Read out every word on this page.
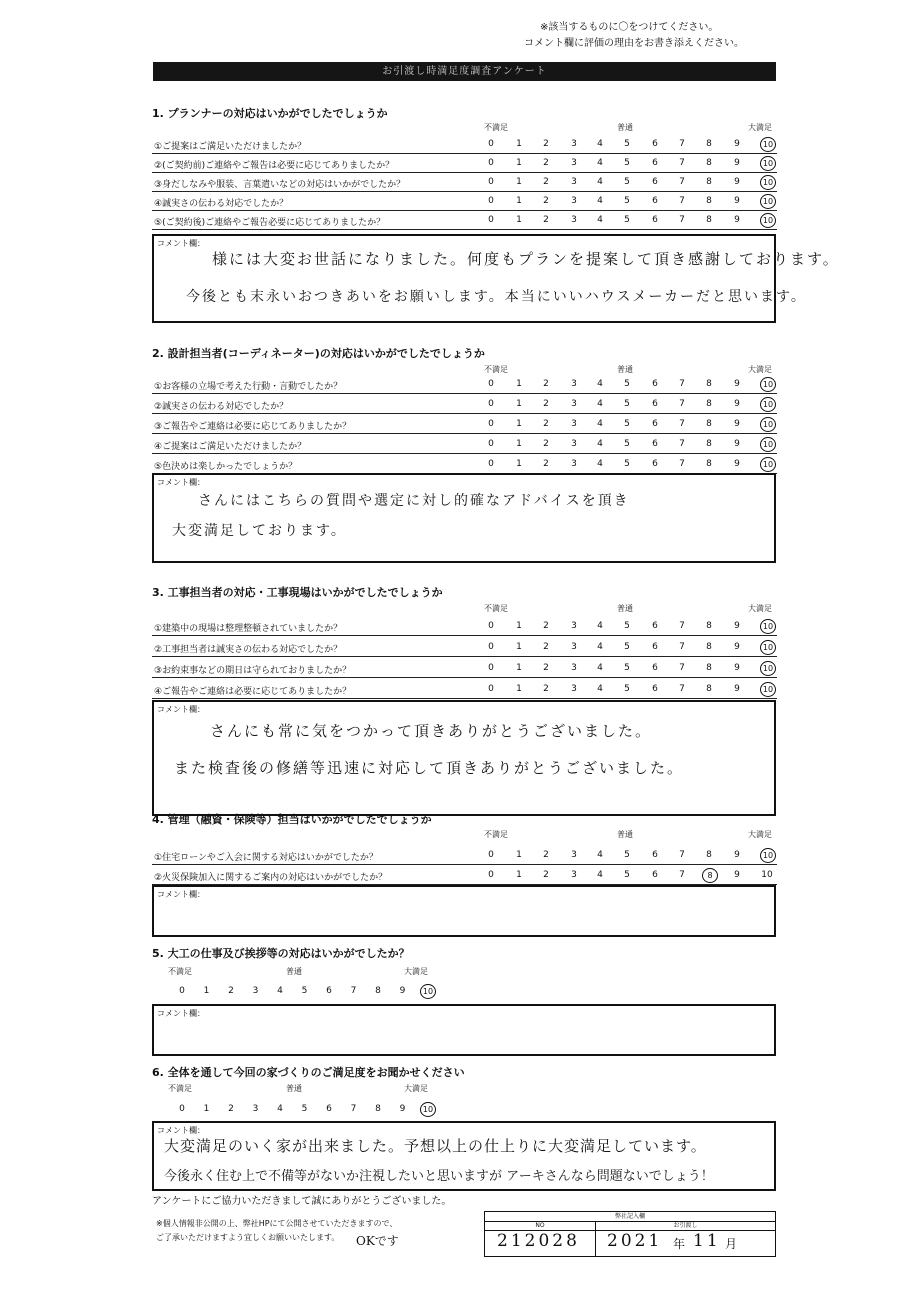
※該当するものに〇をつけてください。
コメント欄に評価の理由をお書き添えください。
お引渡し時満足度調査アンケート
1. プランナーの対応はいかがでしたでしょうか
不満足	普通	大満足
①ご提案はご満足いただけましたか？	0	1	2	3	4	5	6	7	8	9	10
②(ご契約前)ご連絡やご報告は必要に応じてありましたか？	0	1	2	3	4	5	6	7	8	9	10
③身だしなみや服装、言葉遣いなどの対応はいかがでしたか？	0	1	2	3	4	5	6	7	8	9	10
④誠実さの伝わる対応でしたか？	0	1	2	3	4	5	6	7	8	9	10
⑤(ご契約後)ご連絡やご報告必要に応じてありましたか？	0	1	2	3	4	5	6	7	8	9	10
コメント欄：
様には大変お世話になりました。何度もプランを提案して頂き感謝しております。
今後とも末永いおつきあいをお願いします。本当にいいハウスメーカーだと思います。
2. 設計担当者(コーディネーター)の対応はいかがでしたでしょうか
不満足	普通	大満足
①お客様の立場で考えた行動・言動でしたか？	0	1	2	3	4	5	6	7	8	9	10
②誠実さの伝わる対応でしたか？	0	1	2	3	4	5	6	7	8	9	10
③ご報告やご連絡は必要に応じてありましたか？	0	1	2	3	4	5	6	7	8	9	10
④ご提案はご満足いただけましたか？	0	1	2	3	4	5	6	7	8	9	10
⑤色決めは楽しかったでしょうか？	0	1	2	3	4	5	6	7	8	9	10
コメント欄：
さんにはこちらの質問や選定に対し的確なアドバイスを頂き
大変満足しております。
3. 工事担当者の対応・工事現場はいかがでしたでしょうか
不満足	普通	大満足
①建築中の現場は整理整頓されていましたか？	0	1	2	3	4	5	6	7	8	9	10
②工事担当者は誠実さの伝わる対応でしたか？	0	1	2	3	4	5	6	7	8	9	10
③お約束事などの期日は守られておりましたか？	0	1	2	3	4	5	6	7	8	9	10
④ご報告やご連絡は必要に応じてありましたか？	0	1	2	3	4	5	6	7	8	9	10
コメント欄：
さんにも常に気をつかって頂きありがとうございました。
また検査後の修繕等迅速に対応して頂きありがとうございました。
4. 管理（融資・保険等）担当はいかがでしたでしょうか
不満足	普通	大満足
①住宅ローンやご入会に関する対応はいかがでしたか？	0	1	2	3	4	5	6	7	8	9	10
②火災保険加入に関するご案内の対応はいかがでしたか？	0	1	2	3	4	5	6	7	8	9	10
コメント欄：
5. 大工の仕事及び挨拶等の対応はいかがでしたか？
不満足	普通	大満足
0	1	2	3	4	5	6	7	8	9	10
コメント欄：
6. 全体を通して今回の家づくりのご満足度をお聞かせください
不満足	普通	大満足
0	1	2	3	4	5	6	7	8	9	10
コメント欄：
大変満足のいく家が出来ました。予想以上の仕上りに大変満足しています。
今後永く住む上で不備等がないか注視したいと思いますが アーキさんなら問題ないでしょう！
アンケートにご協力いただきまして誠にありがとうございました。
※個人情報非公開の上、弊社HPにて公開させていただきますので、
ご了承いただけますよう宜しくお願いいたします。 OKです
弊社記入欄
NO	お引渡し
212028 2021 年 11 月
